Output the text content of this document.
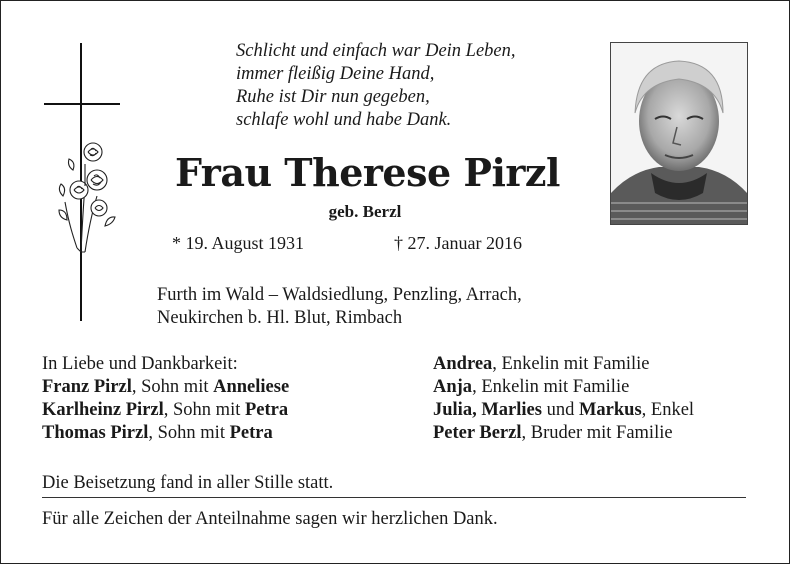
Schlicht und einfach war Dein Leben,
immer fleißig Deine Hand,
Ruhe ist Dir nun gegeben,
schlafe wohl und habe Dank.
Frau Therese Pirzl
geb. Berzl
* 19. August 1931	† 27. Januar 2016
Furth im Wald – Waldsiedlung, Penzling, Arrach,
Neukirchen b. Hl. Blut, Rimbach
In Liebe und Dankbarkeit:
Franz Pirzl, Sohn mit Anneliese
Karlheinz Pirzl, Sohn mit Petra
Thomas Pirzl, Sohn mit Petra
Andrea, Enkelin mit Familie
Anja, Enkelin mit Familie
Julia, Marlies und Markus, Enkel
Peter Berzl, Bruder mit Familie
Die Beisetzung fand in aller Stille statt.
Für alle Zeichen der Anteilnahme sagen wir herzlichen Dank.
